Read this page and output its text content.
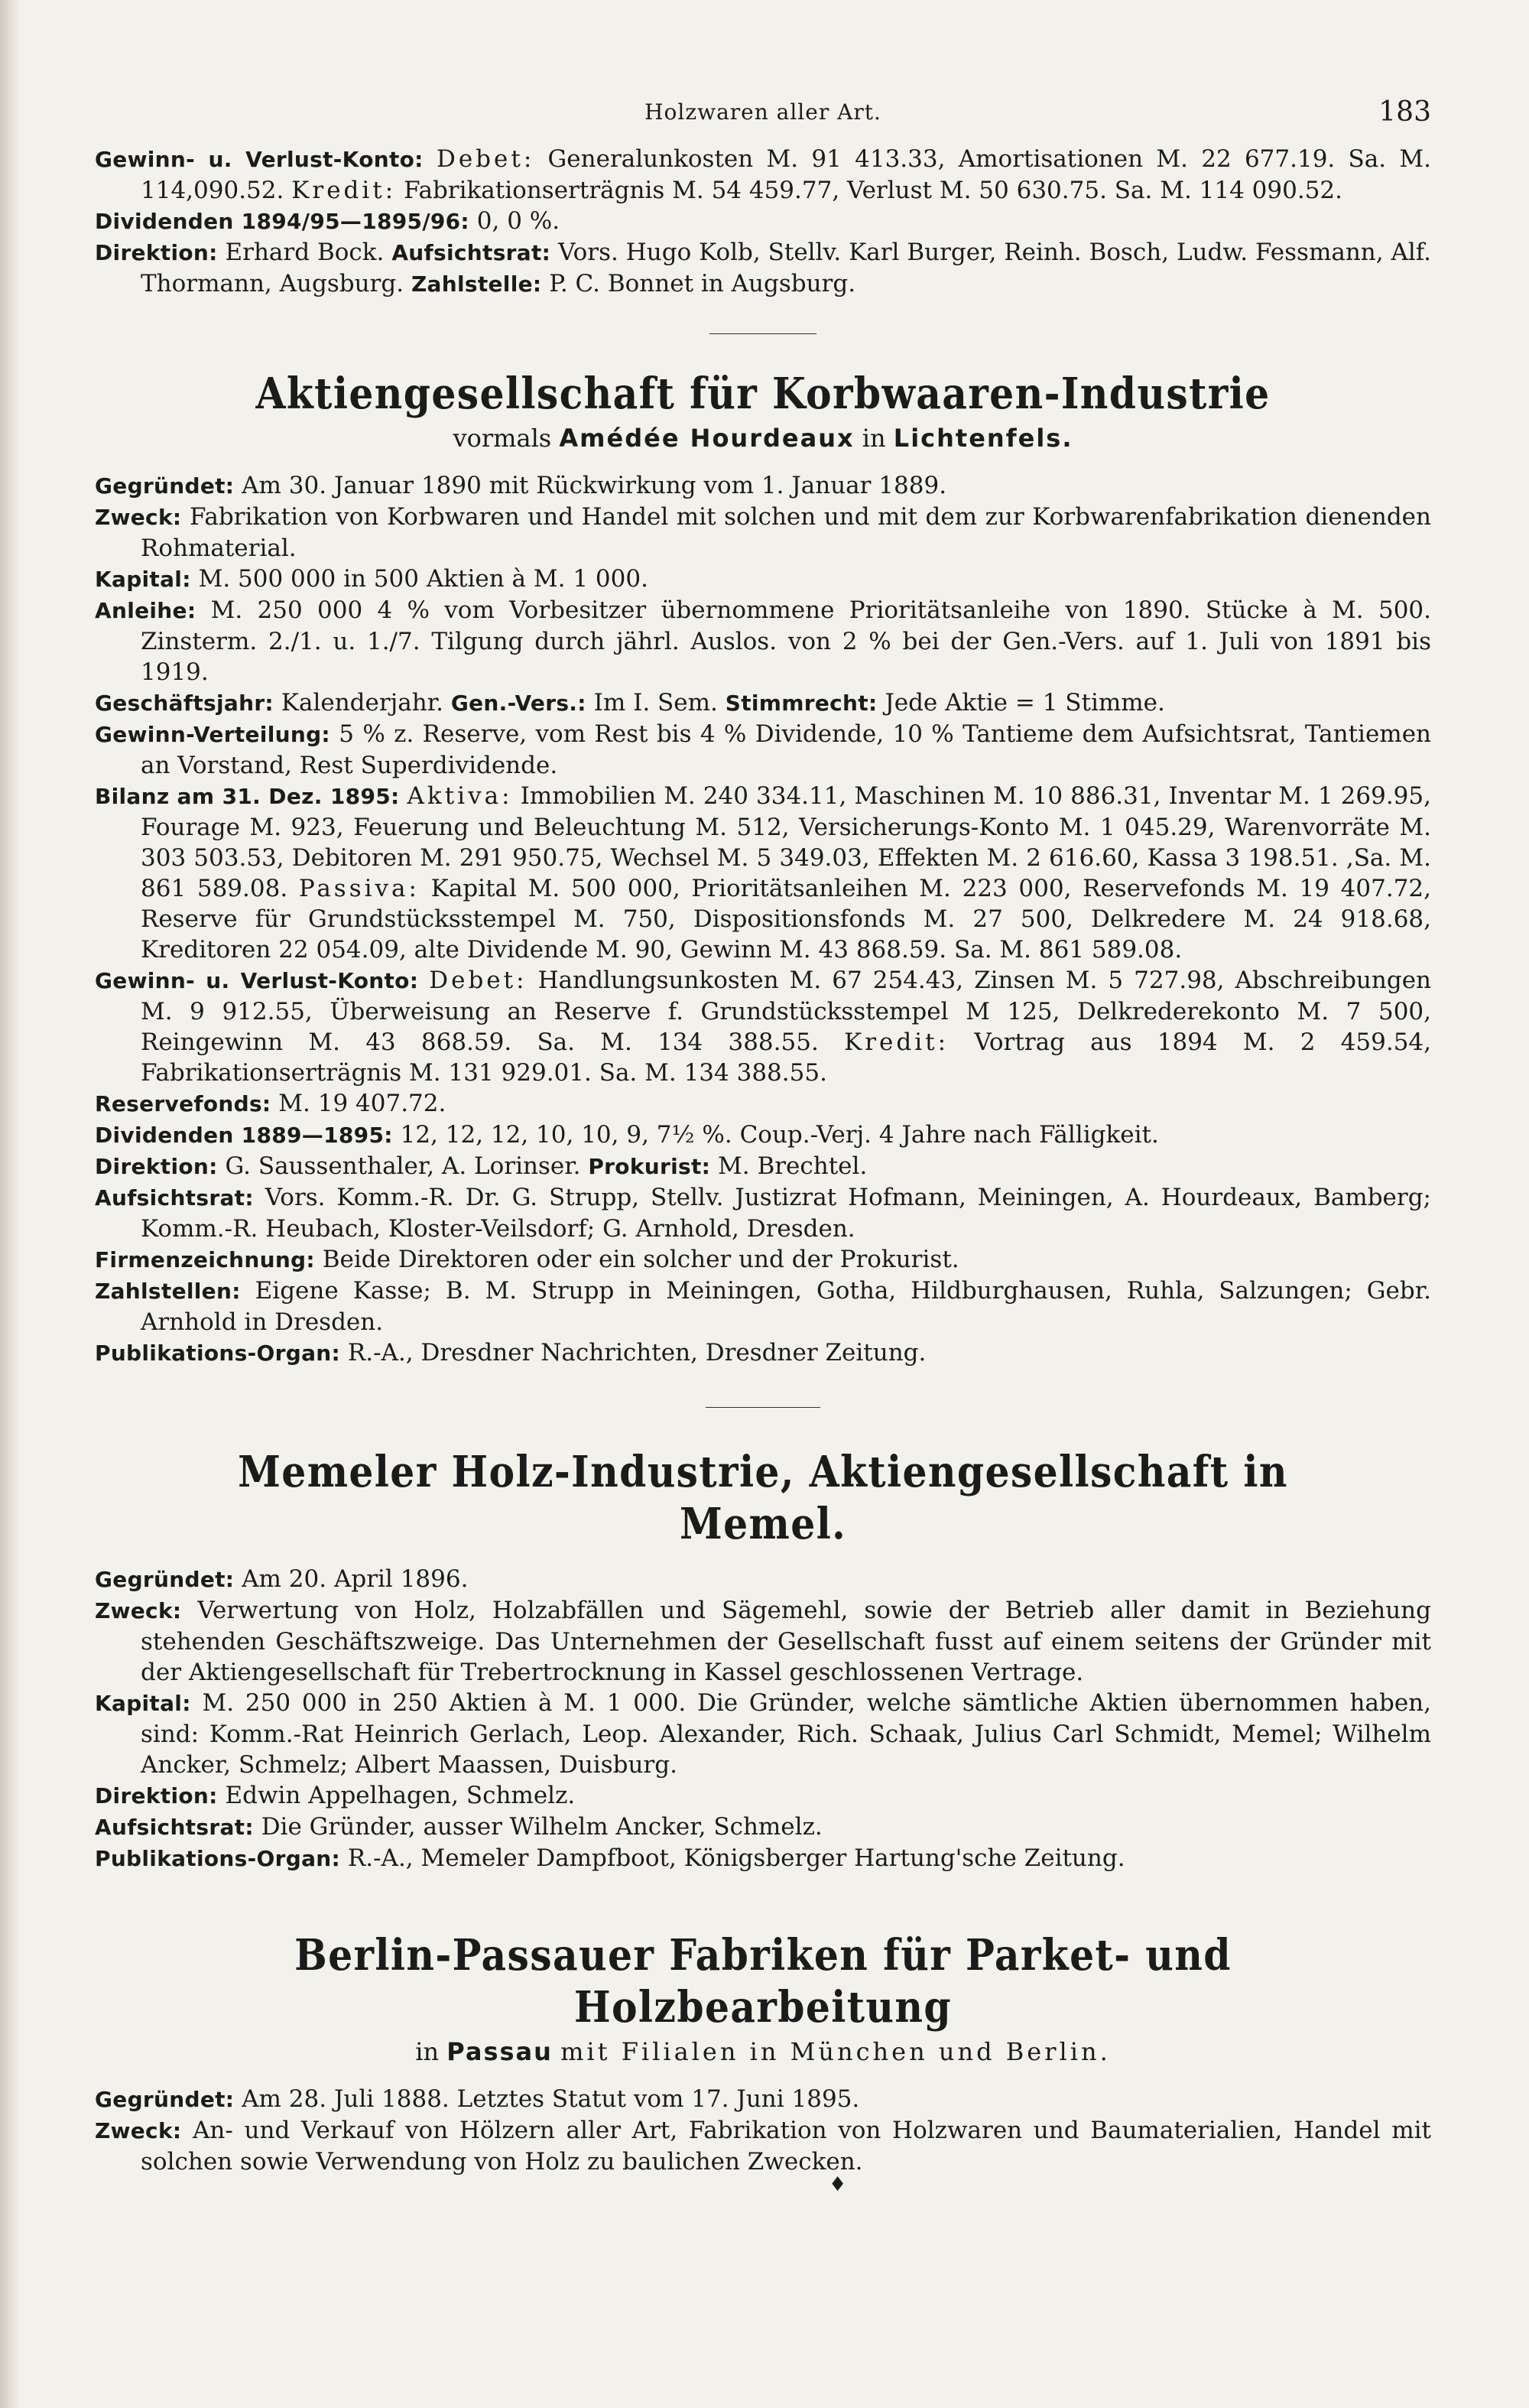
Holzwaren aller Art.	183

Gewinn- u. Verlust-Konto: Debet: Generalunkosten M. 91 413.33, Amortisationen M. 22 677.19. Sa. M. 114,090.52. Kredit: Fabrikationserträgnis M. 54 459.77, Verlust M. 50 630.75. Sa. M. 114 090.52.

Dividenden 1894/95—1895/96: 0, 0 %.

Direktion: Erhard Bock. Aufsichtsrat: Vors. Hugo Kolb, Stellv. Karl Burger, Reinh. Bosch, Ludw. Fessmann, Alf. Thormann, Augsburg. Zahlstelle: P. C. Bonnet in Augsburg.

Aktiengesellschaft für Korbwaaren-Industrie
vormals Amédée Hourdeaux in Lichtenfels.

Gegründet: Am 30. Januar 1890 mit Rückwirkung vom 1. Januar 1889.

Zweck: Fabrikation von Korbwaren und Handel mit solchen und mit dem zur Korbwarenfabrikation dienenden Rohmaterial.

Kapital: M. 500 000 in 500 Aktien à M. 1 000.

Anleihe: M. 250 000 4 % vom Vorbesitzer übernommene Prioritätsanleihe von 1890. Stücke à M. 500. Zinsterm. 2./1. u. 1./7. Tilgung durch jährl. Auslos. von 2 % bei der Gen.-Vers. auf 1. Juli von 1891 bis 1919.

Geschäftsjahr: Kalenderjahr. Gen.-Vers.: Im I. Sem. Stimmrecht: Jede Aktie = 1 Stimme.

Gewinn-Verteilung: 5 % z. Reserve, vom Rest bis 4 % Dividende, 10 % Tantieme dem Aufsichtsrat, Tantiemen an Vorstand, Rest Superdividende.

Bilanz am 31. Dez. 1895: Aktiva: Immobilien M. 240 334.11, Maschinen M. 10 886.31, Inventar M. 1 269.95, Fourage M. 923, Feuerung und Beleuchtung M. 512, Versicherungs-Konto M. 1 045.29, Warenvorräte M. 303 503.53, Debitoren M. 291 950.75, Wechsel M. 5 349.03, Effekten M. 2 616.60, Kassa 3 198.51. ,Sa. M. 861 589.08. Passiva: Kapital M. 500 000, Prioritätsanleihen M. 223 000, Reservefonds M. 19 407.72, Reserve für Grundstücksstempel M. 750, Dispositionsfonds M. 27 500, Delkredere M. 24 918.68, Kreditoren 22 054.09, alte Dividende M. 90, Gewinn M. 43 868.59. Sa. M. 861 589.08.

Gewinn- u. Verlust-Konto: Debet: Handlungsunkosten M. 67 254.43, Zinsen M. 5 727.98, Abschreibungen M. 9 912.55, Überweisung an Reserve f. Grundstücksstempel M 125, Delkrederekonto M. 7 500, Reingewinn M. 43 868.59. Sa. M. 134 388.55. Kredit: Vortrag aus 1894 M. 2 459.54, Fabrikationserträgnis M. 131 929.01. Sa. M. 134 388.55.

Reservefonds: M. 19 407.72.

Dividenden 1889—1895: 12, 12, 12, 10, 10, 9, 7½ %. Coup.-Verj. 4 Jahre nach Fälligkeit.

Direktion: G. Saussenthaler, A. Lorinser. Prokurist: M. Brechtel.

Aufsichtsrat: Vors. Komm.-R. Dr. G. Strupp, Stellv. Justizrat Hofmann, Meiningen, A. Hourdeaux, Bamberg; Komm.-R. Heubach, Kloster-Veilsdorf; G. Arnhold, Dresden.

Firmenzeichnung: Beide Direktoren oder ein solcher und der Prokurist.

Zahlstellen: Eigene Kasse; B. M. Strupp in Meiningen, Gotha, Hildburghausen, Ruhla, Salzungen; Gebr. Arnhold in Dresden.

Publikations-Organ: R.-A., Dresdner Nachrichten, Dresdner Zeitung.

Memeler Holz-Industrie, Aktiengesellschaft in Memel.

Gegründet: Am 20. April 1896.

Zweck: Verwertung von Holz, Holzabfällen und Sägemehl, sowie der Betrieb aller damit in Beziehung stehenden Geschäftszweige. Das Unternehmen der Gesellschaft fusst auf einem seitens der Gründer mit der Aktiengesellschaft für Trebertrocknung in Kassel geschlossenen Vertrage.

Kapital: M. 250 000 in 250 Aktien à M. 1 000. Die Gründer, welche sämtliche Aktien übernommen haben, sind: Komm.-Rat Heinrich Gerlach, Leop. Alexander, Rich. Schaak, Julius Carl Schmidt, Memel; Wilhelm Ancker, Schmelz; Albert Maassen, Duisburg.

Direktion: Edwin Appelhagen, Schmelz.

Aufsichtsrat: Die Gründer, ausser Wilhelm Ancker, Schmelz.

Publikations-Organ: R.-A., Memeler Dampfboot, Königsberger Hartung'sche Zeitung.

Berlin-Passauer Fabriken für Parket- und Holzbearbeitung
in Passau mit Filialen in München und Berlin.

Gegründet: Am 28. Juli 1888. Letztes Statut vom 17. Juni 1895.

Zweck: An- und Verkauf von Hölzern aller Art, Fabrikation von Holzwaren und Baumaterialien, Handel mit solchen sowie Verwendung von Holz zu baulichen Zwecken.

♦
